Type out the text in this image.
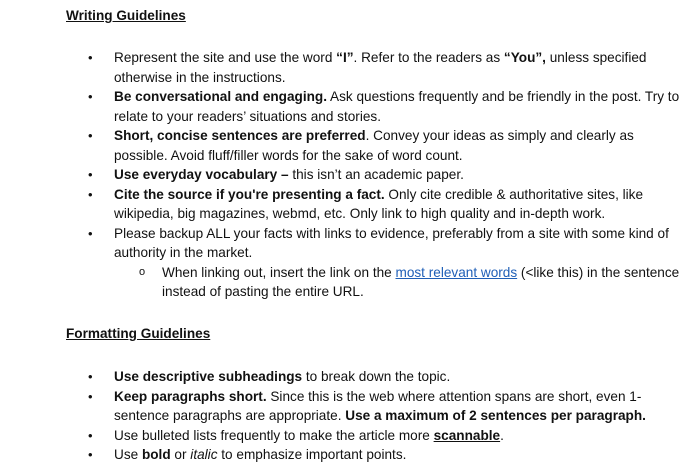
Writing Guidelines
• Represent the site and use the word “I”. Refer to the readers as “You”, unless specified otherwise in the instructions.
• Be conversational and engaging. Ask questions frequently and be friendly in the post. Try to relate to your readers’ situations and stories.
• Short, concise sentences are preferred. Convey your ideas as simply and clearly as possible. Avoid fluff/filler words for the sake of word count.
• Use everyday vocabulary – this isn’t an academic paper.
• Cite the source if you're presenting a fact. Only cite credible & authoritative sites, like wikipedia, big magazines, webmd, etc. Only link to high quality and in-depth work.
• Please backup ALL your facts with links to evidence, preferably from a site with some kind of authority in the market.
o When linking out, insert the link on the most relevant words (<like this) in the sentence instead of pasting the entire URL.
Formatting Guidelines
• Use descriptive subheadings to break down the topic.
• Keep paragraphs short. Since this is the web where attention spans are short, even 1-sentence paragraphs are appropriate. Use a maximum of 2 sentences per paragraph.
• Use bulleted lists frequently to make the article more scannable.
• Use bold or italic to emphasize important points.
